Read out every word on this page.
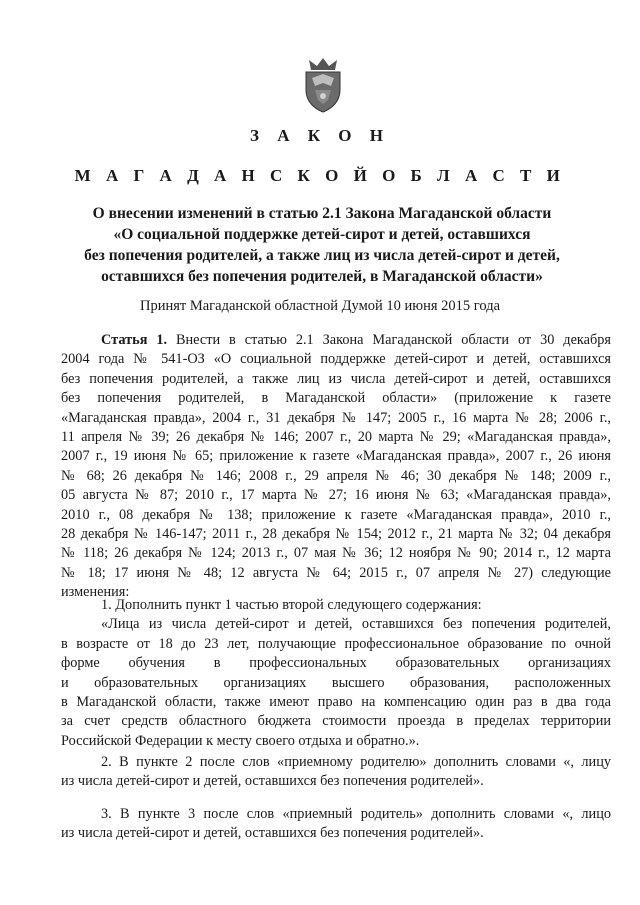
З А К О Н
М А Г А Д А Н С К О Й О Б Л А С Т И
О внесении изменений в статью 2.1 Закона Магаданской области
«О социальной поддержке детей-сирот и детей, оставшихся
без попечения родителей, а также лиц из числа детей-сирот и детей,
оставшихся без попечения родителей, в Магаданской области»
Принят Магаданской областной Думой 10 июня 2015 года
Статья 1. Внести в статью 2.1 Закона Магаданской области от 30 декабря
2004 года № 541-ОЗ «О социальной поддержке детей-сирот и детей, оставшихся
без попечения родителей, а также лиц из числа детей-сирот и детей, оставшихся
без попечения родителей, в Магаданской области» (приложение к газете
«Магаданская правда», 2004 г., 31 декабря № 147; 2005 г., 16 марта № 28; 2006 г.,
11 апреля № 39; 26 декабря № 146; 2007 г., 20 марта № 29; «Магаданская правда»,
2007 г., 19 июня № 65; приложение к газете «Магаданская правда», 2007 г., 26 июня
№ 68; 26 декабря № 146; 2008 г., 29 апреля № 46; 30 декабря № 148; 2009 г.,
05 августа № 87; 2010 г., 17 марта № 27; 16 июня № 63; «Магаданская правда»,
2010 г., 08 декабря № 138; приложение к газете «Магаданская правда», 2010 г.,
28 декабря № 146-147; 2011 г., 28 декабря № 154; 2012 г., 21 марта № 32; 04 декабря
№ 118; 26 декабря № 124; 2013 г., 07 мая № 36; 12 ноября № 90; 2014 г., 12 марта
№ 18; 17 июня № 48; 12 августа № 64; 2015 г., 07 апреля № 27) следующие
изменения:
1. Дополнить пункт 1 частью второй следующего содержания:
«Лица из числа детей-сирот и детей, оставшихся без попечения родителей,
в возрасте от 18 до 23 лет, получающие профессиональное образование по очной
форме обучения в профессиональных образовательных организациях
и образовательных организациях высшего образования, расположенных
в Магаданской области, также имеют право на компенсацию один раз в два года
за счет средств областного бюджета стоимости проезда в пределах территории
Российской Федерации к месту своего отдыха и обратно.».
2. В пункте 2 после слов «приемному родителю» дополнить словами «, лицу
из числа детей-сирот и детей, оставшихся без попечения родителей».
3. В пункте 3 после слов «приемный родитель» дополнить словами «, лицо
из числа детей-сирот и детей, оставшихся без попечения родителей».
